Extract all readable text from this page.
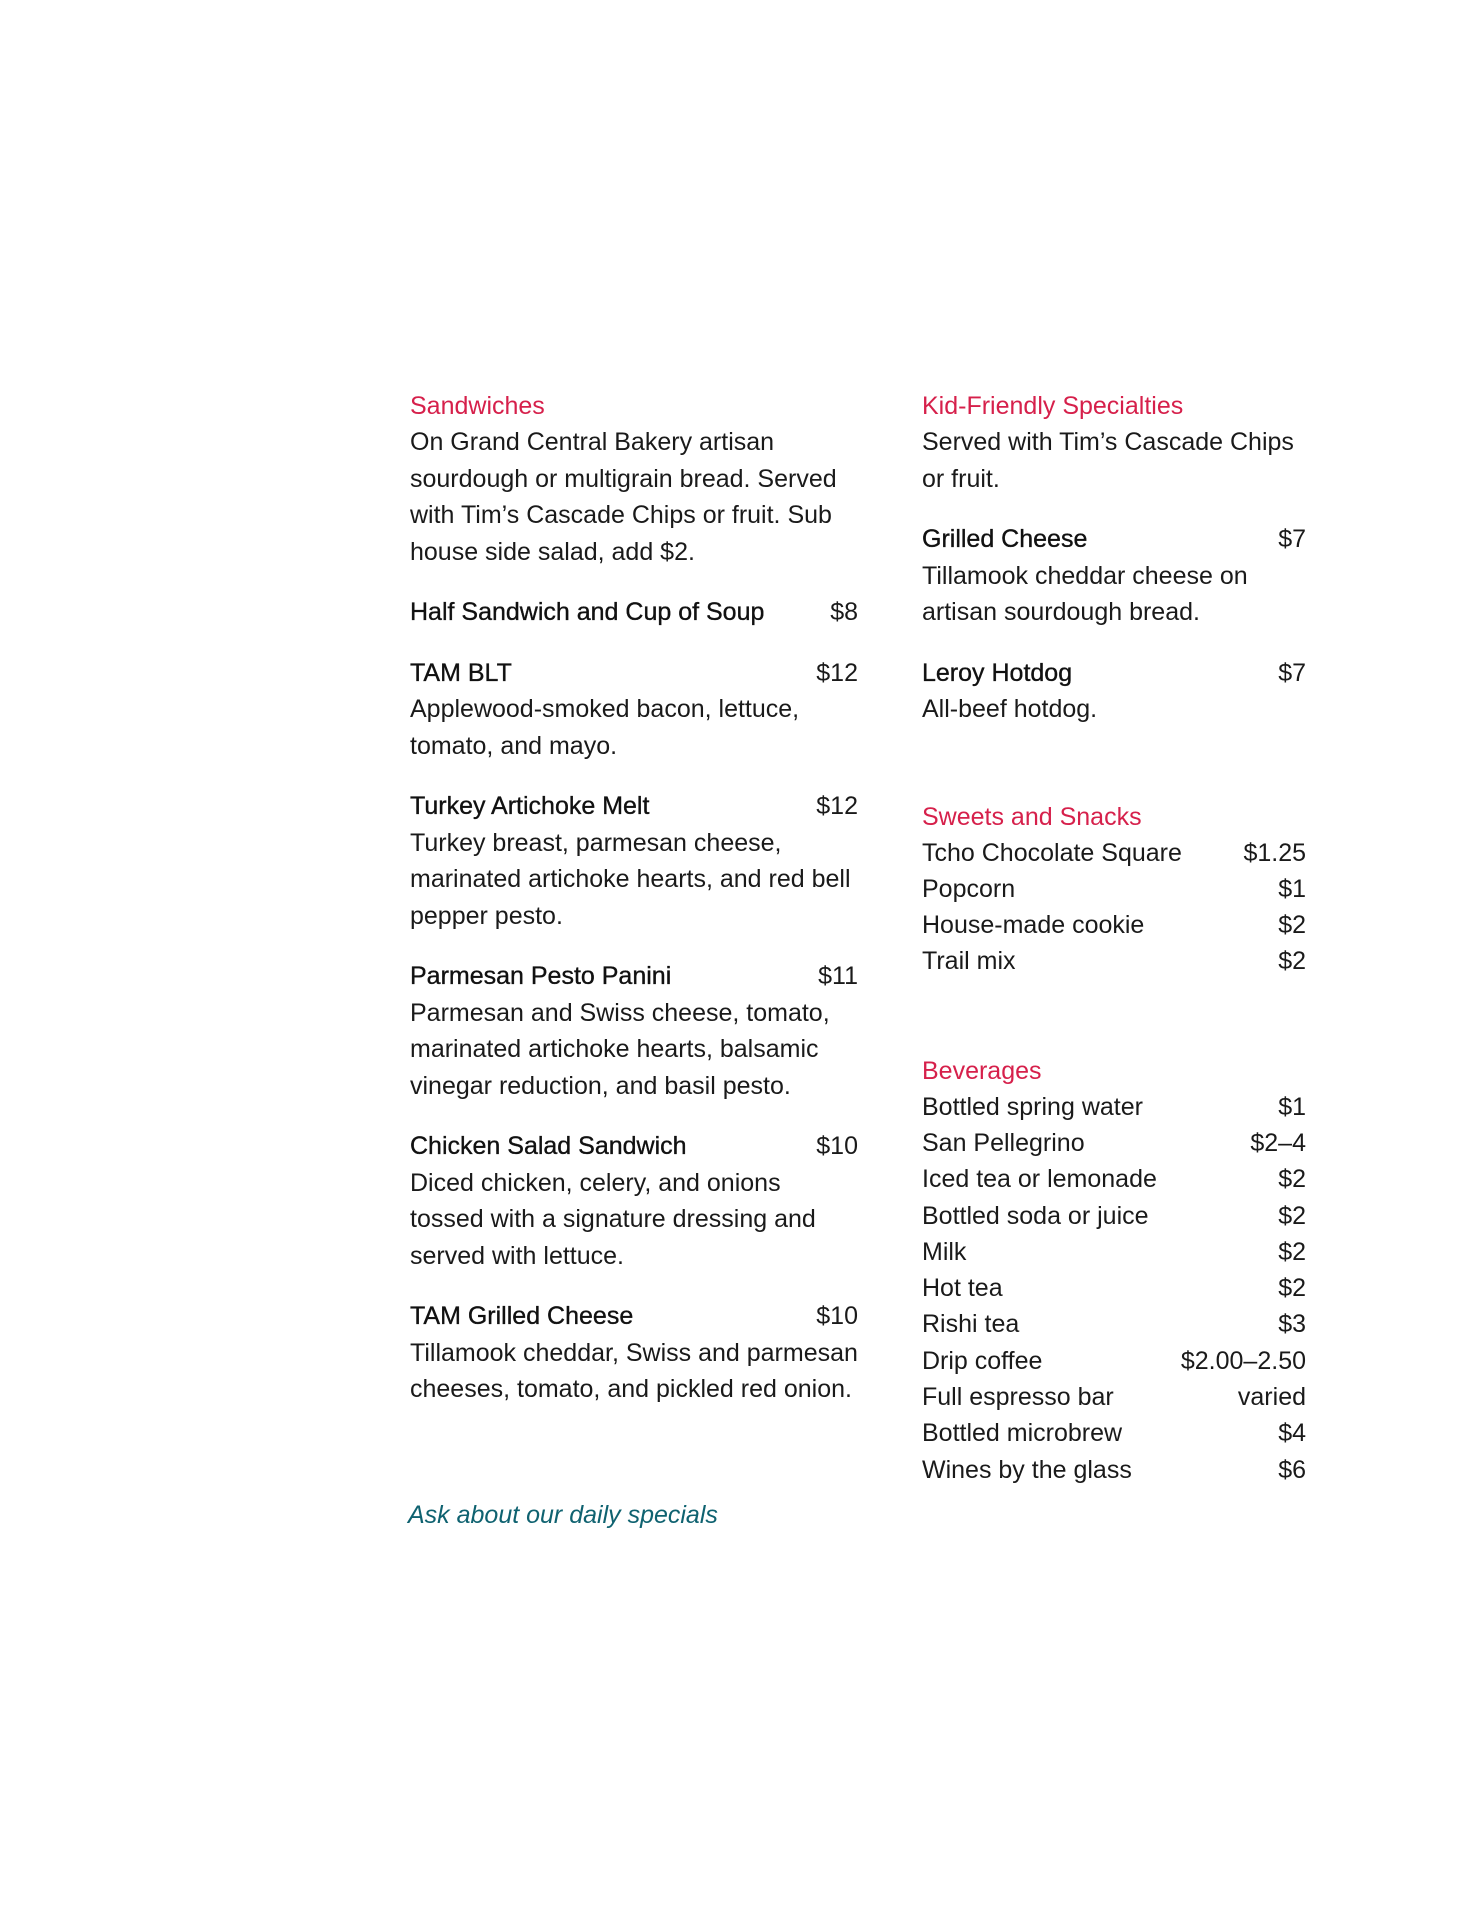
Sandwiches

On Grand Central Bakery artisan sourdough or multigrain bread. Served with Tim’s Cascade Chips or fruit. Sub house side salad, add $2.

Half Sandwich and Cup of Soup	$8
TAM BLT	$12
Applewood-smoked bacon, lettuce, tomato, and mayo.
Turkey Artichoke Melt	$12
Turkey breast, parmesan cheese, marinated artichoke hearts, and red bell pepper pesto.
Parmesan Pesto Panini	$11
Parmesan and Swiss cheese, tomato, marinated artichoke hearts, balsamic vinegar reduction, and basil pesto.
Chicken Salad Sandwich	$10
Diced chicken, celery, and onions tossed with a signature dressing and served with lettuce.
TAM Grilled Cheese	$10
Tillamook cheddar, Swiss and parmesan cheeses, tomato, and pickled red onion.
Kid-Friendly Specialties

Served with Tim’s Cascade Chips or fruit.

Grilled Cheese	$7
Tillamook cheddar cheese on artisan sourdough bread.
Leroy Hotdog	$7
All-beef hotdog.
Sweets and Snacks
Tcho Chocolate Square $1.25
Popcorn	$1
House-made cookie	$2
Trail mix	$2
Beverages
Bottled spring water	$1
San Pellegrino	$2–4
Iced tea or lemonade	$2
Bottled soda or juice	$2
Milk	$2
Hot tea	$2
Rishi tea	$3
Drip coffee	$2.00–2.50
Full espresso bar	varied
Bottled microbrew	$4
Wines by the glass	$6
Ask about our daily specials
